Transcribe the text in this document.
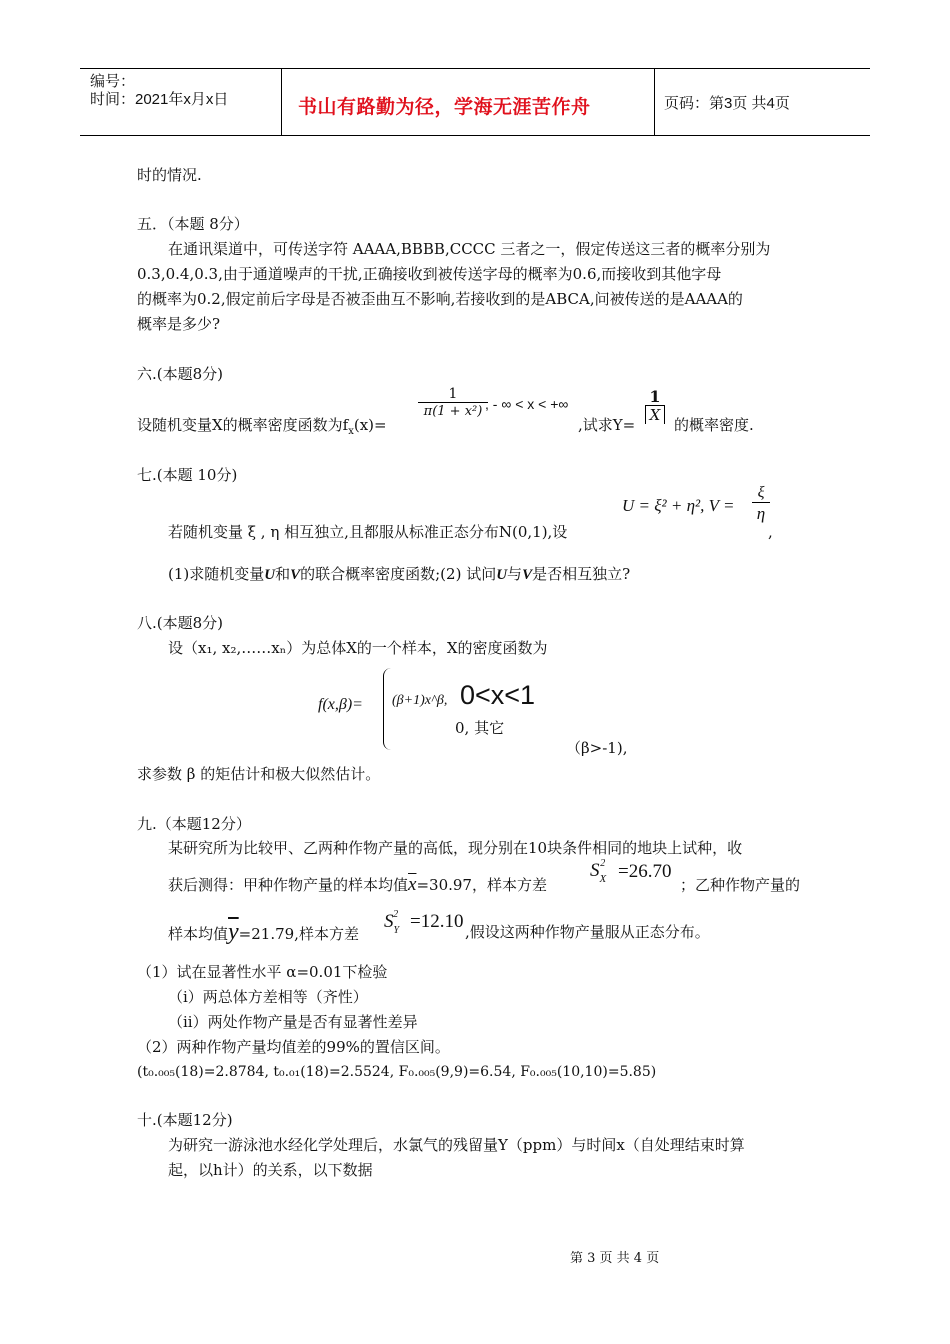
编号：
时间：2021年x月x日	书山有路勤为径，学海无涯苦作舟	页码：第3页 共4页
时的情况.
五．（本题 8分）
在通讯渠道中，可传送字符 AAAA,BBBB,CCCC 三者之一，假定传送这三者的概率分别为
0.3,0.4,0.3,由于通道噪声的干扰,正确接收到被传送字母的概率为0.6,而接收到其他字母
的概率为0.2,假定前后字母是否被歪曲互不影响,若接收到的是ABCA,问被传送的是AAAA的
概率是多少?
六.(本题8分)
设随机变量X的概率密度函数为$f_x(x)=$
$\frac{1}{\text{π(1 + x²)}}$
, - ∞ < x < +∞
,试求Y=
1
X
的概率密度.
七.(本题 10分)
U = ξ² + η², $V = \frac{\xi}{\eta}$
,
若随机变量 ξ , η 相互独立,且都服从标准正态分布N(0,1),设
(1)求随机变量U和V的联合概率密度函数;(2) 试问U与V是否相互独立?
八.(本题8分)
设（x₁, x₂,……xₙ）为总体X的一个样本，X的密度函数为
f(x,β)= (β+1)x^β, 0<x<1
0, 其它
（β>-1),
求参数 β 的矩估计和极大似然估计。
九.（本题12分）
某研究所为比较甲、乙两种作物产量的高低，现分别在10块条件相同的地块上试种，收
获后测得：甲种作物产量的样本均值$\overline{x}=30.97$，样本方差
$S_X^2 =26.70$
；乙种作物产量的
样本均值$\overline{y}=21.79$,样本方差
$S_Y^2 =12.10$ ,假设这两种作物产量服从正态分布。
（1）试在显著性水平 α=0.01下检验
（i）两总体方差相等（齐性）
（ii）两处作物产量是否有显著性差异
（2）两种作物产量均值差的99%的置信区间。
(t₀.₀₀₅(18)=2.8784, t₀.₀₁(18)=2.5524, F₀.₀₀₅(9,9)=6.54, F₀.₀₀₅(10,10)=5.85)
十.(本题12分)
为研究一游泳池水经化学处理后，水氯气的残留量Y（ppm）与时间x（自处理结束时算
起，以h计）的关系，以下数据
第 3 页 共 4 页
